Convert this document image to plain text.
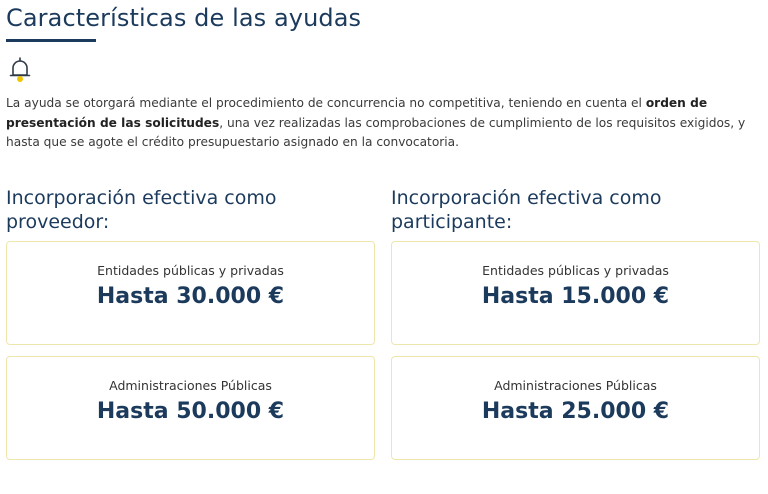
Características de las ayudas

La ayuda se otorgará mediante el procedimiento de concurrencia no competitiva, teniendo en cuenta el orden de presentación de las solicitudes, una vez realizadas las comprobaciones de cumplimiento de los requisitos exigidos, y hasta que se agote el crédito presupuestario asignado en la convocatoria.

Incorporación efectiva como proveedor:
Incorporación efectiva como participante:
Entidades públicas y privadas
Hasta 30.000 €
Administraciones Públicas
Hasta 50.000 €
Entidades públicas y privadas
Hasta 15.000 €
Administraciones Públicas
Hasta 25.000 €
